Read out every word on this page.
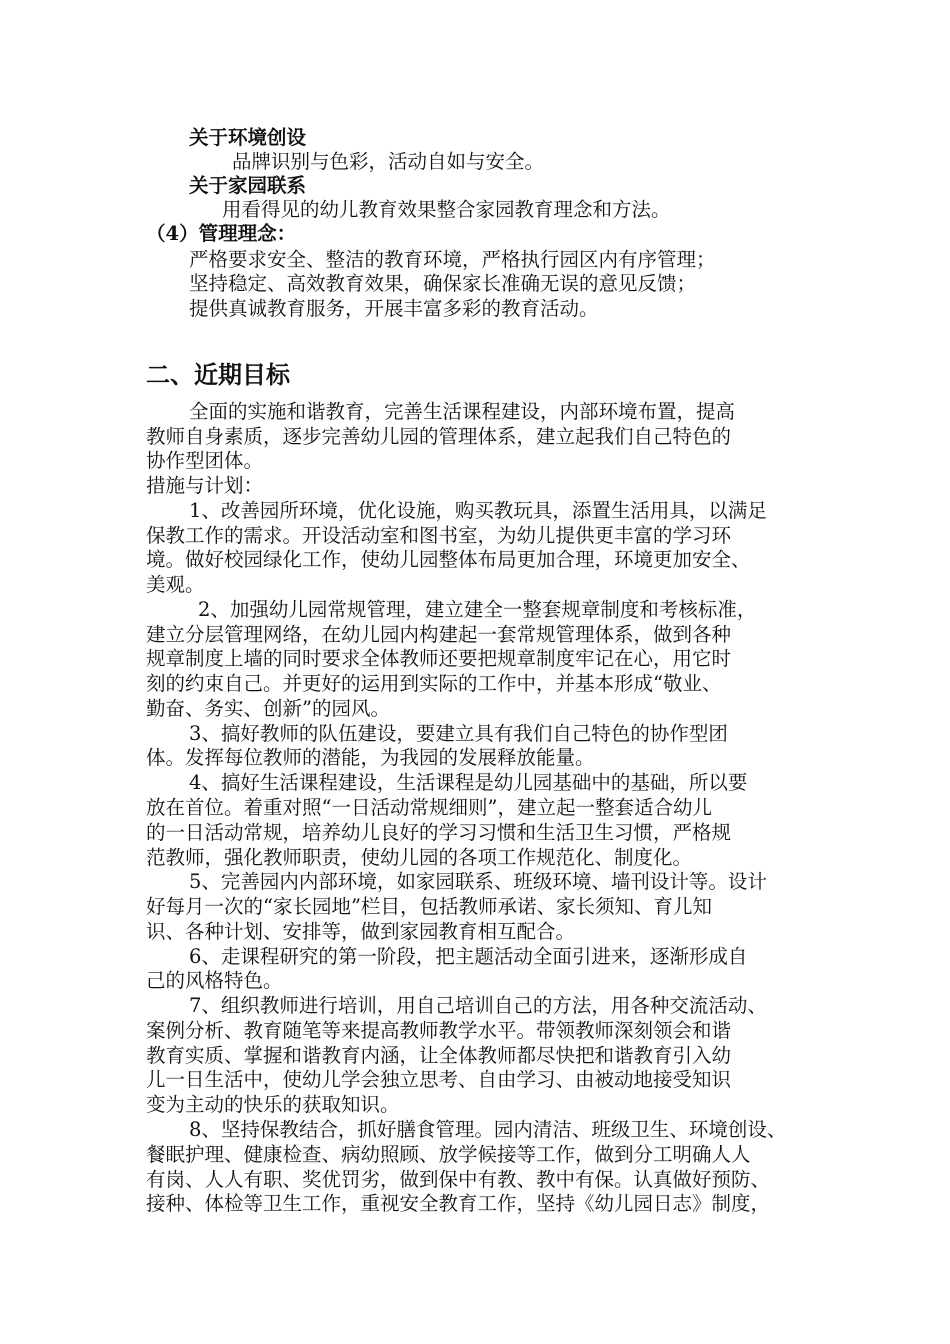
关于环境创设
品牌识别与色彩，活动自如与安全。
关于家园联系
用看得见的幼儿教育效果整合家园教育理念和方法。
（4）管理理念：
严格要求安全、整洁的教育环境，严格执行园区内有序管理；
坚持稳定、高效教育效果，确保家长准确无误的意见反馈；
提供真诚教育服务，开展丰富多彩的教育活动。
二、近期目标
全面的实施和谐教育，完善生活课程建设，内部环境布置，提高
教师自身素质，逐步完善幼儿园的管理体系，建立起我们自己特色的
协作型团体。
措施与计划：
1、改善园所环境，优化设施，购买教玩具，添置生活用具，以满足
保教工作的需求。开设活动室和图书室，为幼儿提供更丰富的学习环
境。做好校园绿化工作，使幼儿园整体布局更加合理，环境更加安全、
美观。
2、加强幼儿园常规管理，建立建全一整套规章制度和考核标准，
建立分层管理网络，在幼儿园内构建起一套常规管理体系，做到各种
规章制度上墙的同时要求全体教师还要把规章制度牢记在心，用它时
刻的约束自己。并更好的运用到实际的工作中，并基本形成“敬业、
勤奋、务实、创新”的园风。
3、搞好教师的队伍建设，要建立具有我们自己特色的协作型团
体。发挥每位教师的潜能，为我园的发展释放能量。
4、搞好生活课程建设，生活课程是幼儿园基础中的基础，所以要
放在首位。着重对照“一日活动常规细则”，建立起一整套适合幼儿
的一日活动常规，培养幼儿良好的学习习惯和生活卫生习惯，严格规
范教师，强化教师职责，使幼儿园的各项工作规范化、制度化。
5、完善园内内部环境，如家园联系、班级环境、墙刊设计等。设计
好每月一次的“家长园地”栏目，包括教师承诺、家长须知、育儿知
识、各种计划、安排等，做到家园教育相互配合。
6、走课程研究的第一阶段，把主题活动全面引进来，逐渐形成自
己的风格特色。
7、组织教师进行培训，用自己培训自己的方法，用各种交流活动、
案例分析、教育随笔等来提高教师教学水平。带领教师深刻领会和谐
教育实质、掌握和谐教育内涵，让全体教师都尽快把和谐教育引入幼
儿一日生活中，使幼儿学会独立思考、自由学习、由被动地接受知识
变为主动的快乐的获取知识。
8、坚持保教结合，抓好膳食管理。园内清洁、班级卫生、环境创设、
餐眠护理、健康检查、病幼照顾、放学候接等工作，做到分工明确人人
有岗、人人有职、奖优罚劣，做到保中有教、教中有保。认真做好预防、
接种、体检等卫生工作，重视安全教育工作，坚持《幼儿园日志》制度，
